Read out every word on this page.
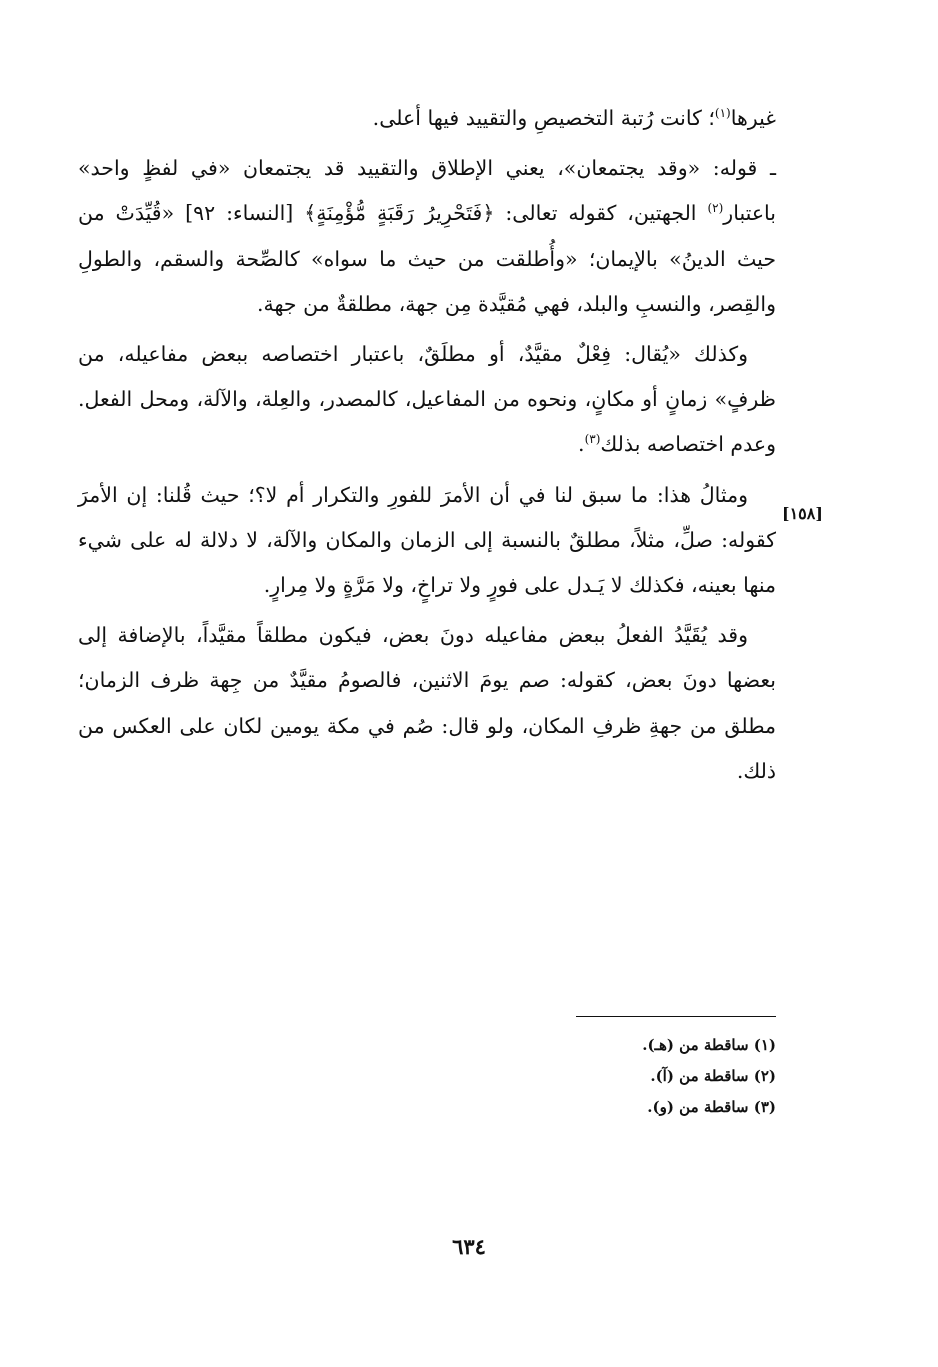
[١٥٨]

غيرها$^{(١)}$؛ كانت رُتبة التخصيصِ والتقييد فيها أعلى.

ـ قوله: «وقد يجتمعان»، يعني الإطلاق والتقييد قد يجتمعان «في لفظٍ واحد» باعتبار$^{(٢)}$ الجهتين، كقوله تعالى: ﴿فَتَحْرِيرُ رَقَبَةٍ مُّؤْمِنَةٍ﴾ [النساء: ٩٢] «قُيِّدَتْ من حيث الدينُ» بالإيمان؛ «وأُطلقت من حيث ما سواه» كالصِّحة والسقم، والطولِ والقِصر، والنسبِ والبلد، فهي مُقيَّدة مِن جهة، مطلقةٌ من جهة.

وكذلك «يُقال: فِعْلٌ مقيَّدٌ، أو مطلَقٌ، باعتبار اختصاصه ببعض مفاعيله، من ظرفٍ» زمانٍ أو مكانٍ، ونحوه من المفاعيل، كالمصدر، والعِلة، والآلة، ومحل الفعل. وعدم اختصاصه بذلك$^{(٣)}$.

ومثالُ هذا: ما سبق لنا في أن الأمرَ للفورِ والتكرار أم لا؟؛ حيث قُلنا: إن الأمرَ كقوله: صلِّ، مثلاً، مطلقٌ بالنسبة إلى الزمان والمكان والآلة، لا دلالة له على شيء منها بعينه، فكذلك لا يَـدل على فورٍ ولا تراخٍ، ولا مَرَّةٍ ولا مِرارٍ.

وقد يُقَيَّدُ الفعلُ ببعض مفاعيله دونَ بعض، فيكون مطلقاً مقيَّداً، بالإضافة إلى بعضها دونَ بعض، كقوله: صم يومَ الاثنين، فالصومُ مقيَّدٌ من جِهة ظرف الزمان؛ مطلق من جهةِ ظرفِ المكان، ولو قال: صُم في مكة يومين لكان على العكس من ذلك.

(١) ساقطة من (هـ).

(٢) ساقطة من (آ).

(٣) ساقطة من (و).

٦٣٤
